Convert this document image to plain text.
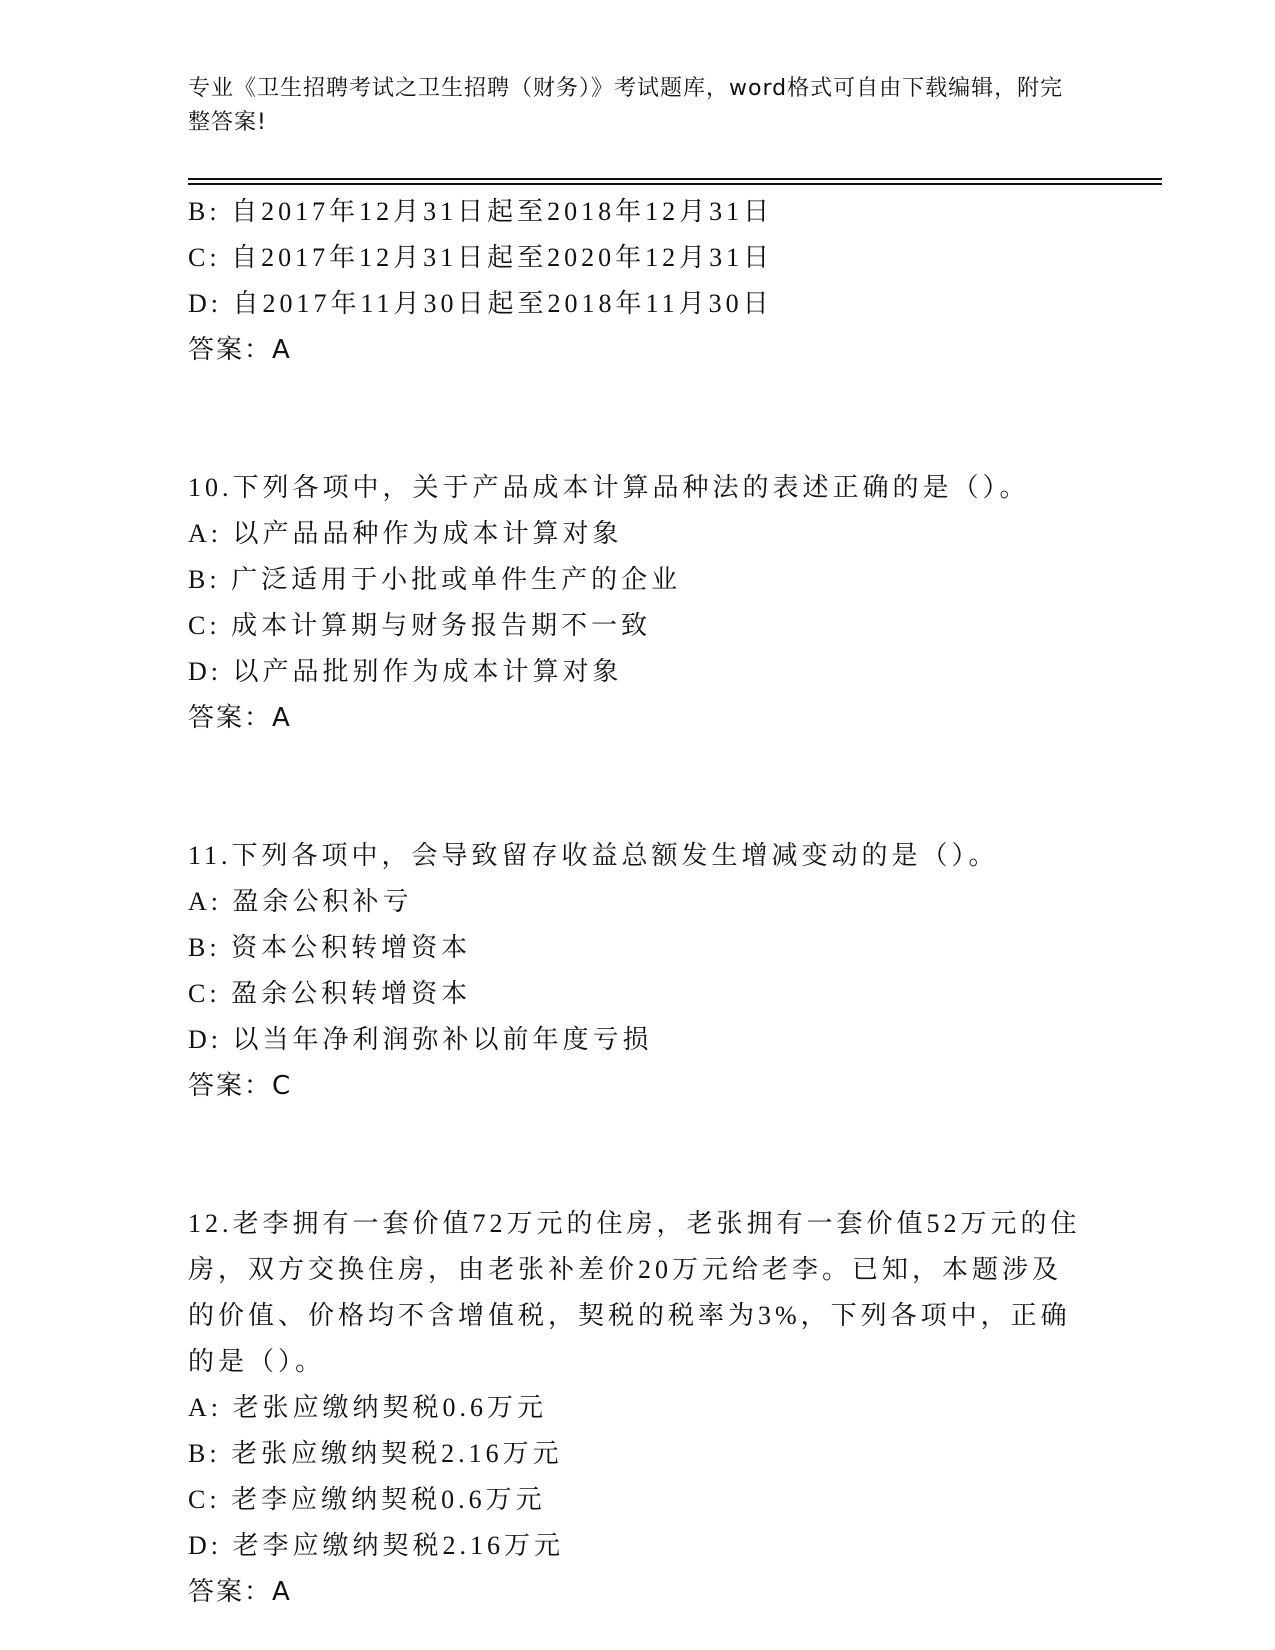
专业《卫生招聘考试之卫生招聘（财务）》考试题库，word格式可自由下载编辑，附完整答案!
B: 自2017年12月31日起至2018年12月31日
C: 自2017年12月31日起至2020年12月31日
D: 自2017年11月30日起至2018年11月30日
答案：A
10.下列各项中，关于产品成本计算品种法的表述正确的是（）。
A: 以产品品种作为成本计算对象
B: 广泛适用于小批或单件生产的企业
C: 成本计算期与财务报告期不一致
D: 以产品批别作为成本计算对象
答案：A
11.下列各项中，会导致留存收益总额发生增减变动的是（）。
A: 盈余公积补亏
B: 资本公积转增资本
C: 盈余公积转增资本
D: 以当年净利润弥补以前年度亏损
答案：C
12.老李拥有一套价值72万元的住房，老张拥有一套价值52万元的住房，双方交换住房，由老张补差价20万元给老李。已知，本题涉及的价值、价格均不含增值税，契税的税率为3%，下列各项中，正确的是（）。
A: 老张应缴纳契税0.6万元
B: 老张应缴纳契税2.16万元
C: 老李应缴纳契税0.6万元
D: 老李应缴纳契税2.16万元
答案：A
